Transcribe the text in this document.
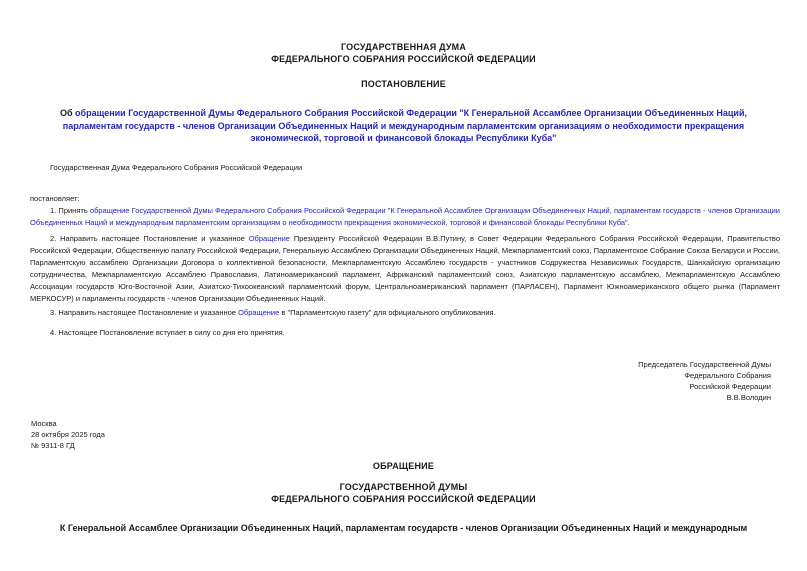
ГОСУДАРСТВЕННАЯ ДУМА
ФЕДЕРАЛЬНОГО СОБРАНИЯ РОССИЙСКОЙ ФЕДЕРАЦИИ
ПОСТАНОВЛЕНИЕ
Об обращении Государственной Думы Федерального Собрания Российской Федерации "К Генеральной Ассамблее Организации Объединенных Наций, парламентам государств - членов Организации Объединенных Наций и международным парламентским организациям о необходимости прекращения экономической, торговой и финансовой блокады Республики Куба"
Государственная Дума Федерального Собрания Российской Федерации
постановляет:
1. Принять обращение Государственной Думы Федерального Собрания Российской Федерации "К Генеральной Ассамблее Организации Объединенных Наций, парламентам государств - членов Организации Объединенных Наций и международным парламентским организациям о необходимости прекращения экономической, торговой и финансовой блокады Республики Куба".
2. Направить настоящее Постановление и указанное Обращение Президенту Российской Федерации В.В.Путину, в Совет Федерации Федерального Собрания Российской Федерации, Правительство Российской Федерации, Общественную палату Российской Федерации, Генеральную Ассамблею Организации Объединенных Наций, Межпарламентский союз, Парламентское Собрание Союза Беларуси и России, Парламентскую ассамблею Организации Договора о коллективной безопасности, Межпарламентскую Ассамблею государств - участников Содружества Независимых Государств, Шанхайскую организацию сотрудничества, Межпарламентскую Ассамблею Православия, Латиноамериканский парламент, Африканский парламентский союз, Азиатскую парламентскую ассамблею, Межпарламентскую Ассамблею Ассоциации государств Юго-Восточной Азии, Азиатско-Тихоокеанский парламентский форум, Центральноамериканский парламент (ПАРЛАСЕН), Парламент Южноамериканского общего рынка (Парламент МЕРКОСУР) и парламенты государств - членов Организации Объединенных Наций.
3. Направить настоящее Постановление и указанное Обращение в "Парламентскую газету" для официального опубликования.
4. Настоящее Постановление вступает в силу со дня его принятия.
Председатель Государственной Думы
Федерального Собрания
Российской Федерации
В.В.Володин
Москва
28 октября 2025 года
№ 9311-8 ГД
ОБРАЩЕНИЕ
ГОСУДАРСТВЕННОЙ ДУМЫ
ФЕДЕРАЛЬНОГО СОБРАНИЯ РОССИЙСКОЙ ФЕДЕРАЦИИ
К Генеральной Ассамблее Организации Объединенных Наций, парламентам государств - членов Организации Объединенных Наций и международным
